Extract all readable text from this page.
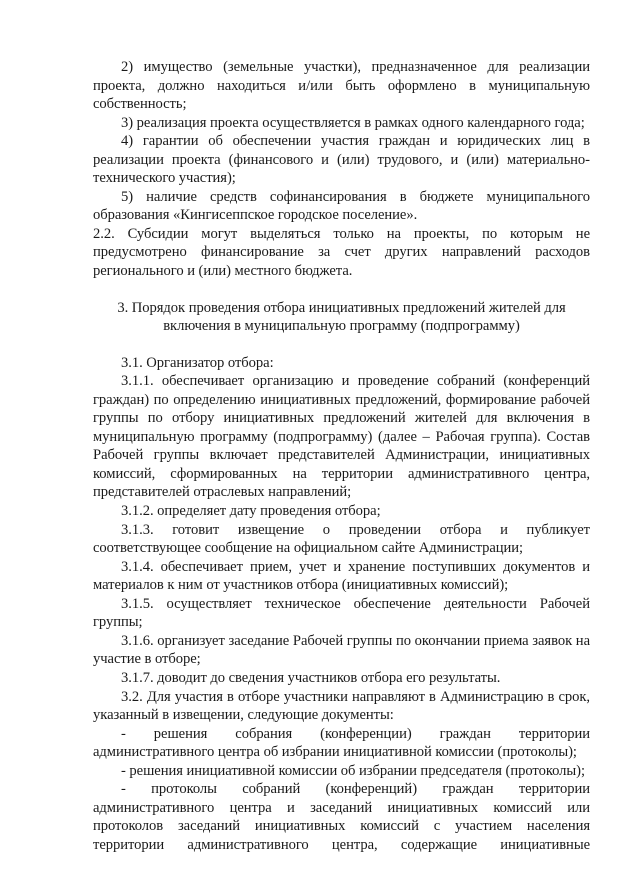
2) имущество (земельные участки), предназначенное для реализации проекта, должно находиться и/или быть оформлено в муниципальную собственность;

3) реализация проекта осуществляется в рамках одного календарного года;

4) гарантии об обеспечении участия граждан и юридических лиц в реализации проекта (финансового и (или) трудового, и (или) материально-технического участия);

5) наличие средств софинансирования в бюджете муниципального образования «Кингисеппское городское поселение».

2.2. Субсидии могут выделяться только на проекты, по которым не предусмотрено финансирование за счет других направлений расходов регионального и (или) местного бюджета.

3. Порядок проведения отбора инициативных предложений жителей для включения в муниципальную программу (подпрограмму)

3.1. Организатор отбора:

3.1.1. обеспечивает организацию и проведение собраний (конференций граждан) по определению инициативных предложений, формирование рабочей группы по отбору инициативных предложений жителей для включения в муниципальную программу (подпрограмму) (далее – Рабочая группа). Состав Рабочей группы включает представителей Администрации, инициативных комиссий, сформированных на территории административного центра, представителей отраслевых направлений;

3.1.2. определяет дату проведения отбора;

3.1.3. готовит извещение о проведении отбора и публикует соответствующее сообщение на официальном сайте Администрации;

3.1.4. обеспечивает прием, учет и хранение поступивших документов и материалов к ним от участников отбора (инициативных комиссий);

3.1.5. осуществляет техническое обеспечение деятельности Рабочей группы;

3.1.6. организует заседание Рабочей группы по окончании приема заявок на участие в отборе;

3.1.7. доводит до сведения участников отбора его результаты.

3.2. Для участия в отборе участники направляют в Администрацию в срок, указанный в извещении, следующие документы:

- решения собрания (конференции) граждан территории административного центра об избрании инициативной комиссии (протоколы);

- решения инициативной комиссии об избрании председателя (протоколы);

- протоколы собраний (конференций) граждан территории административного центра и заседаний инициативных комиссий или протоколов заседаний инициативных комиссий с участием населения территории административного центра, содержащие инициативные
